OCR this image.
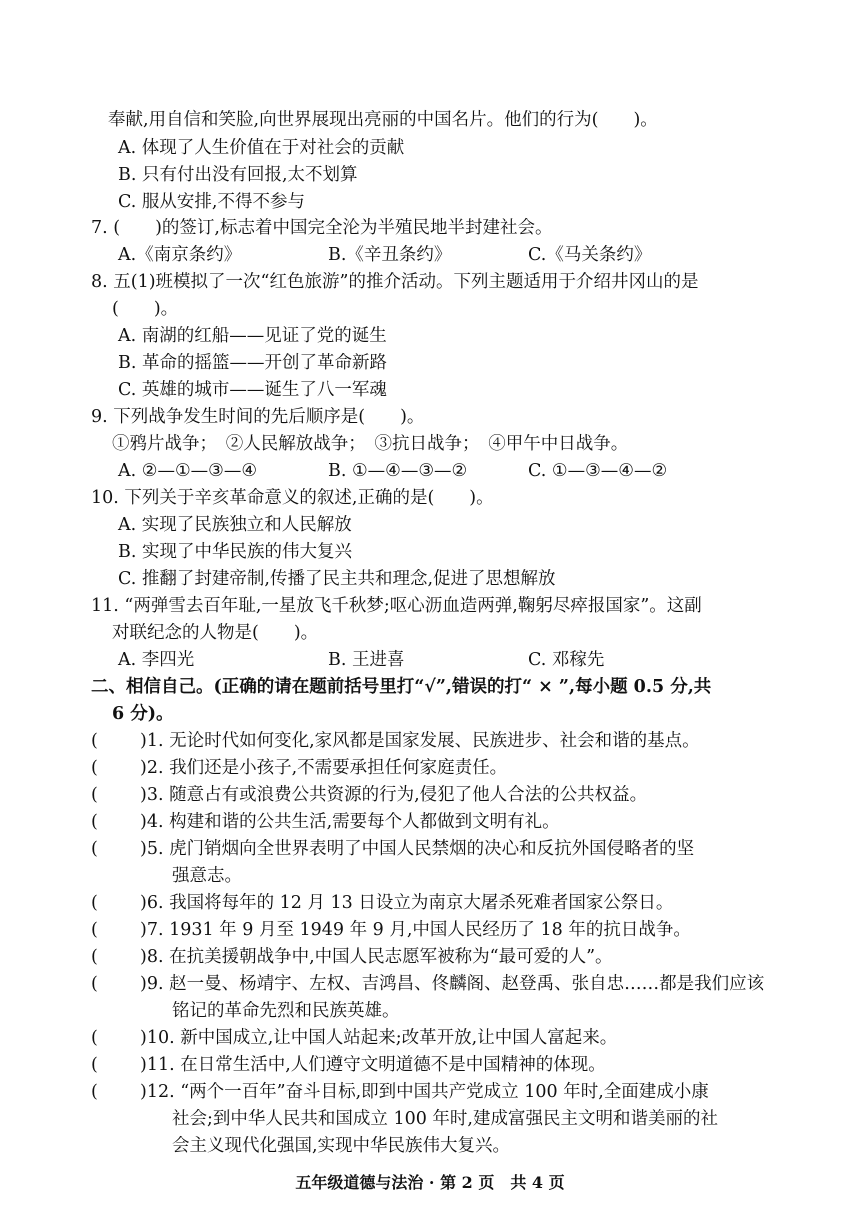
奉献,用自信和笑脸,向世界展现出亮丽的中国名片。他们的行为(　　)。
A. 体现了人生价值在于对社会的贡献
B. 只有付出没有回报,太不划算
C. 服从安排,不得不参与
7. (　　)的签订,标志着中国完全沦为半殖民地半封建社会。
A.《南京条约》	B.《辛丑条约》	C.《马关条约》
8. 五(1)班模拟了一次“红色旅游”的推介活动。下列主题适用于介绍井冈山的是
(　　)。
A. 南湖的红船——见证了党的诞生
B. 革命的摇篮——开创了革命新路
C. 英雄的城市——诞生了八一军魂
9. 下列战争发生时间的先后顺序是(　　)。
①鸦片战争；　②人民解放战争；　③抗日战争；　④甲午中日战争。
A. ②—①—③—④	B. ①—④—③—②	C. ①—③—④—②
10. 下列关于辛亥革命意义的叙述,正确的是(　　)。
A. 实现了民族独立和人民解放
B. 实现了中华民族的伟大复兴
C. 推翻了封建帝制,传播了民主共和理念,促进了思想解放
11. “两弹雪去百年耻,一星放飞千秋梦;呕心沥血造两弹,鞠躬尽瘁报国家”。这副
对联纪念的人物是(　　)。
A. 李四光	B. 王进喜	C. 邓稼先
二、相信自己。(正确的请在题前括号里打“√”,错误的打“ × ”,每小题 0.5 分,共
6 分)。
( )1. 无论时代如何变化,家风都是国家发展、民族进步、社会和谐的基点。
( )2. 我们还是小孩子,不需要承担任何家庭责任。
( )3. 随意占有或浪费公共资源的行为,侵犯了他人合法的公共权益。
( )4. 构建和谐的公共生活,需要每个人都做到文明有礼。
( )5. 虎门销烟向全世界表明了中国人民禁烟的决心和反抗外国侵略者的坚
强意志。
( )6. 我国将每年的 12 月 13 日设立为南京大屠杀死难者国家公祭日。
( )7. 1931 年 9 月至 1949 年 9 月,中国人民经历了 18 年的抗日战争。
( )8. 在抗美援朝战争中,中国人民志愿军被称为“最可爱的人”。
( )9. 赵一曼、杨靖宇、左权、吉鸿昌、佟麟阁、赵登禹、张自忠……都是我们应该
铭记的革命先烈和民族英雄。
( )10. 新中国成立,让中国人站起来;改革开放,让中国人富起来。
( )11. 在日常生活中,人们遵守文明道德不是中国精神的体现。
( )12. “两个一百年”奋斗目标,即到中国共产党成立 100 年时,全面建成小康
社会;到中华人民共和国成立 100 年时,建成富强民主文明和谐美丽的社
会主义现代化强国,实现中华民族伟大复兴。
五年级道德与法治 · 第 2 页　共 4 页
